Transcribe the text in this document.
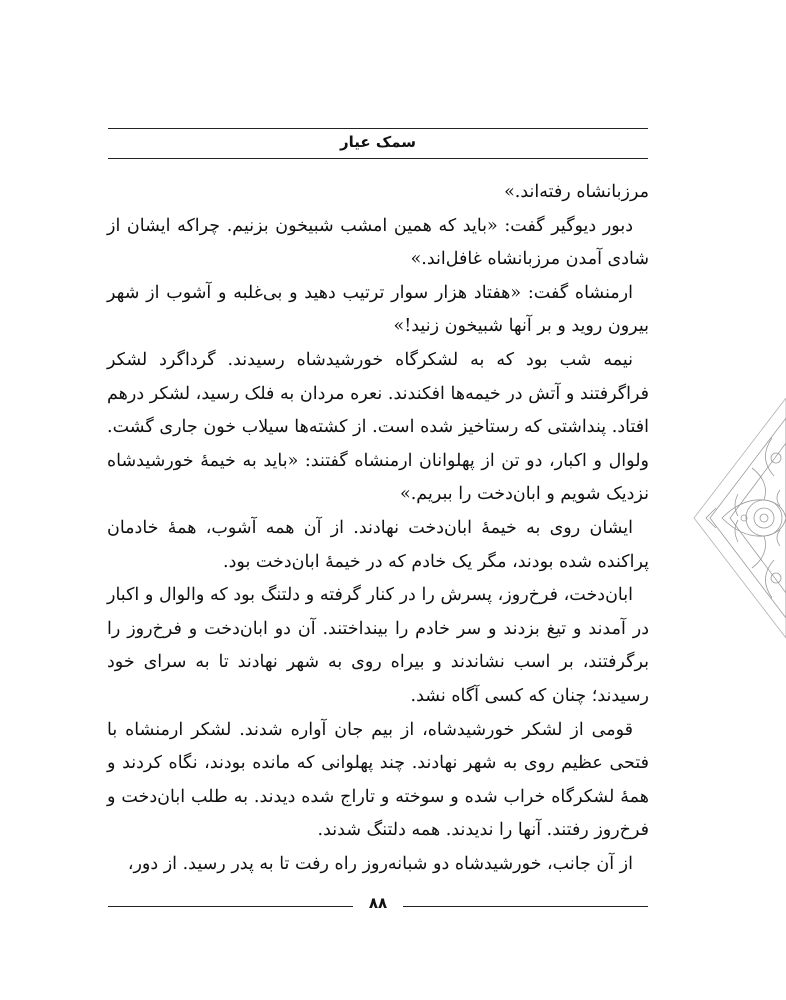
سمک عیار

مرزبانشاه رفته‌اند.»

دبور دیوگیر گفت: «باید که همین امشب شبیخون بزنیم. چراکه ایشان از شادی آمدن مرزبانشاه غافل‌اند.»

ارمنشاه گفت: «هفتاد هزار سوار ترتیب دهید و بی‌غلبه و آشوب از شهر بیرون روید و بر آنها شبیخون زنید!»

نیمه شب بود که به لشکرگاه خورشیدشاه رسیدند. گرداگرد لشکر فراگرفتند و آتش در خیمه‌ها افکندند. نعره مردان به فلک رسید، لشکر درهم افتاد. پنداشتی که رستاخیز شده است. از کشته‌ها سیلاب خون جاری گشت. ولوال و اکبار، دو تن از پهلوانان ارمنشاه گفتند: «باید به خیمهٔ خورشیدشاه نزدیک شویم و ابان‌دخت را ببریم.»

ایشان روی به خیمهٔ ابان‌دخت نهادند. از آن همه آشوب، همهٔ خادمان پراکنده شده بودند، مگر یک خادم که در خیمهٔ ابان‌دخت بود.

ابان‌دخت، فرخ‌روز، پسرش را در کنار گرفته و دلتنگ بود که والوال و اکبار در آمدند و تیغ بزدند و سر خادم را بینداختند. آن دو ابان‌دخت و فرخ‌روز را برگرفتند، بر اسب نشاندند و بیراه روی به شهر نهادند تا به سرای خود رسیدند؛ چنان که کسی آگاه نشد.

قومی از لشکر خورشیدشاه، از بیم جان آواره شدند. لشکر ارمنشاه با فتحی عظیم روی به شهر نهادند. چند پهلوانی که مانده بودند، نگاه کردند و همهٔ لشکرگاه خراب شده و سوخته و تاراج شده دیدند. به طلب ابان‌دخت و فرخ‌روز رفتند. آنها را ندیدند. همه دلتنگ شدند.

از آن جانب، خورشیدشاه دو شبانه‌روز راه رفت تا به پدر رسید. از دور،

۸۸
